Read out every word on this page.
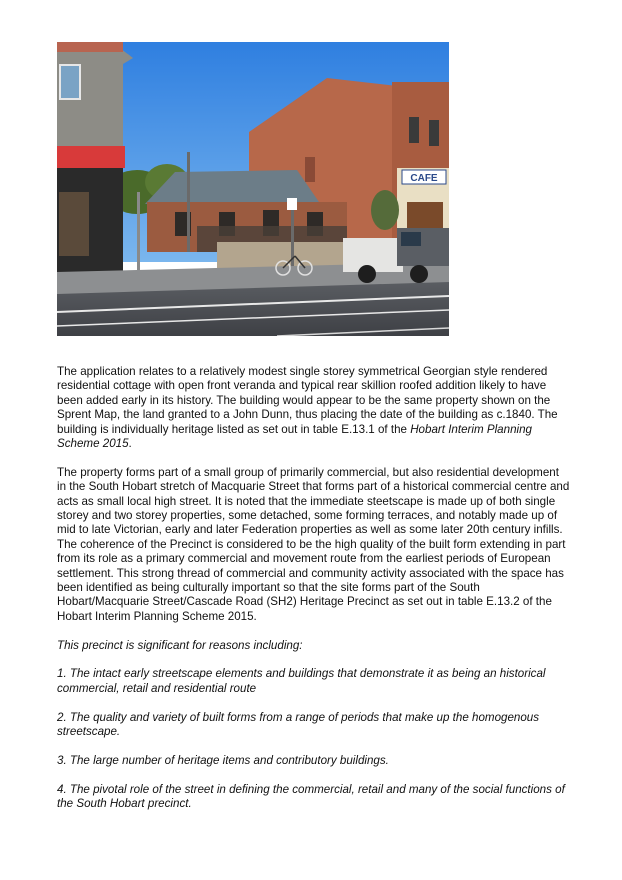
CAFE

The application relates to a relatively modest single storey symmetrical Georgian style rendered residential cottage with open front veranda and typical rear skillion roofed addition likely to have been added early in its history. The building would appear to be the same property shown on the Sprent Map, the land granted to a John Dunn, thus placing the date of the building as c.1840. The building is individually heritage listed as set out in table E.13.1 of the Hobart Interim Planning Scheme 2015.

The property forms part of a small group of primarily commercial, but also residential development in the South Hobart stretch of Macquarie Street that forms part of a historical commercial centre and acts as small local high street. It is noted that the immediate steetscape is made up of both single storey and two storey properties, some detached, some forming terraces, and notably made up of mid to late Victorian, early and later Federation properties as well as some later 20th century infills. The coherence of the Precinct is considered to be the high quality of the built form extending in part from its role as a primary commercial and movement route from the earliest periods of European settlement. This strong thread of commercial and community activity associated with the space has been identified as being culturally important so that the site forms part of the South Hobart/Macquarie Street/Cascade Road (SH2) Heritage Precinct as set out in table E.13.2 of the Hobart Interim Planning Scheme 2015.

This precinct is significant for reasons including:

1. The intact early streetscape elements and buildings that demonstrate it as being an historical commercial, retail and residential route

2. The quality and variety of built forms from a range of periods that make up the homogenous streetscape.

3. The large number of heritage items and contributory buildings.

4. The pivotal role of the street in defining the commercial, retail and many of the social functions of the South Hobart precinct.
